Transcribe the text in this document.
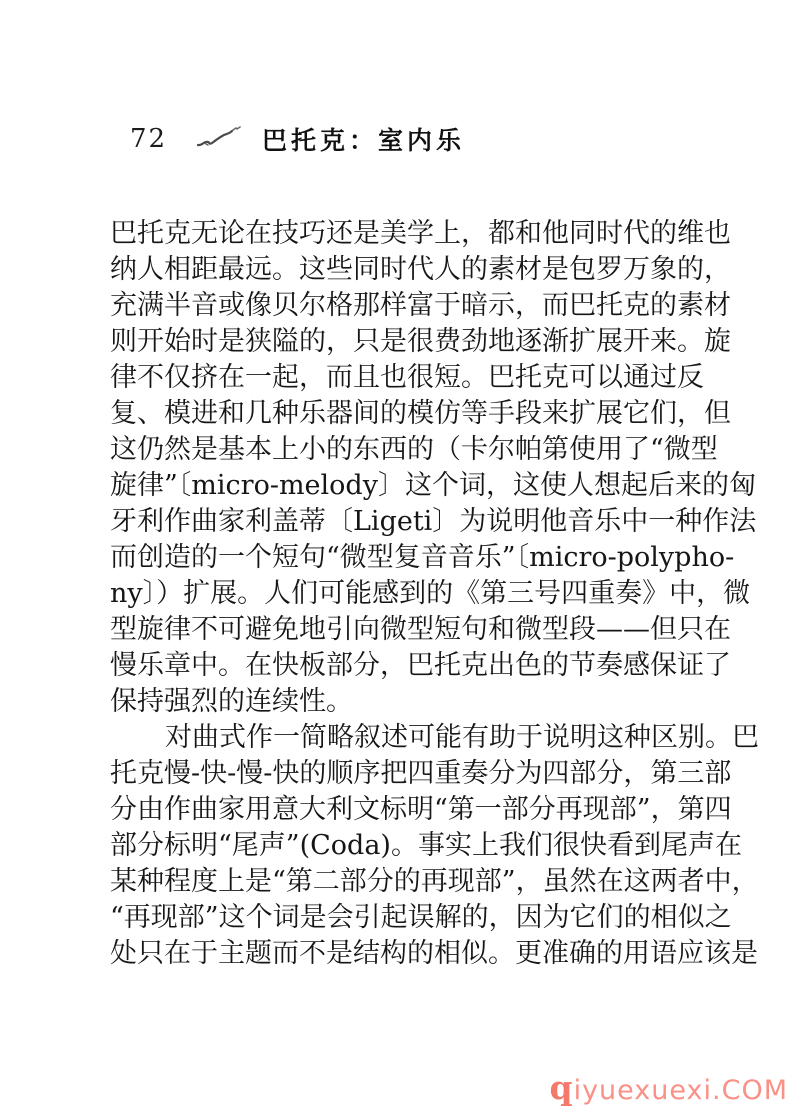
72	巴托克：室内乐
巴托克无论在技巧还是美学上，都和他同时代的维也
纳人相距最远。这些同时代人的素材是包罗万象的，
充满半音或像贝尔格那样富于暗示，而巴托克的素材
则开始时是狭隘的，只是很费劲地逐渐扩展开来。旋
律不仅挤在一起，而且也很短。巴托克可以通过反
复、模进和几种乐器间的模仿等手段来扩展它们，但
这仍然是基本上小的东西的（卡尔帕第使用了“微型
旋律”〔micro-melody〕这个词，这使人想起后来的匈
牙利作曲家利盖蒂〔Ligeti〕为说明他音乐中一种作法
而创造的一个短句“微型复音音乐”〔micro-polypho-
ny〕）扩展。人们可能感到的《第三号四重奏》中，微
型旋律不可避免地引向微型短句和微型段——但只在
慢乐章中。在快板部分，巴托克出色的节奏感保证了
保持强烈的连续性。
对曲式作一简略叙述可能有助于说明这种区别。巴
托克慢-快-慢-快的顺序把四重奏分为四部分，第三部
分由作曲家用意大利文标明“第一部分再现部”，第四
部分标明“尾声”(Coda)。事实上我们很快看到尾声在
某种程度上是“第二部分的再现部”，虽然在这两者中，
“再现部”这个词是会引起误解的，因为它们的相似之
处只在于主题而不是结构的相似。更准确的用语应该是
qiyuexuexi.COM
